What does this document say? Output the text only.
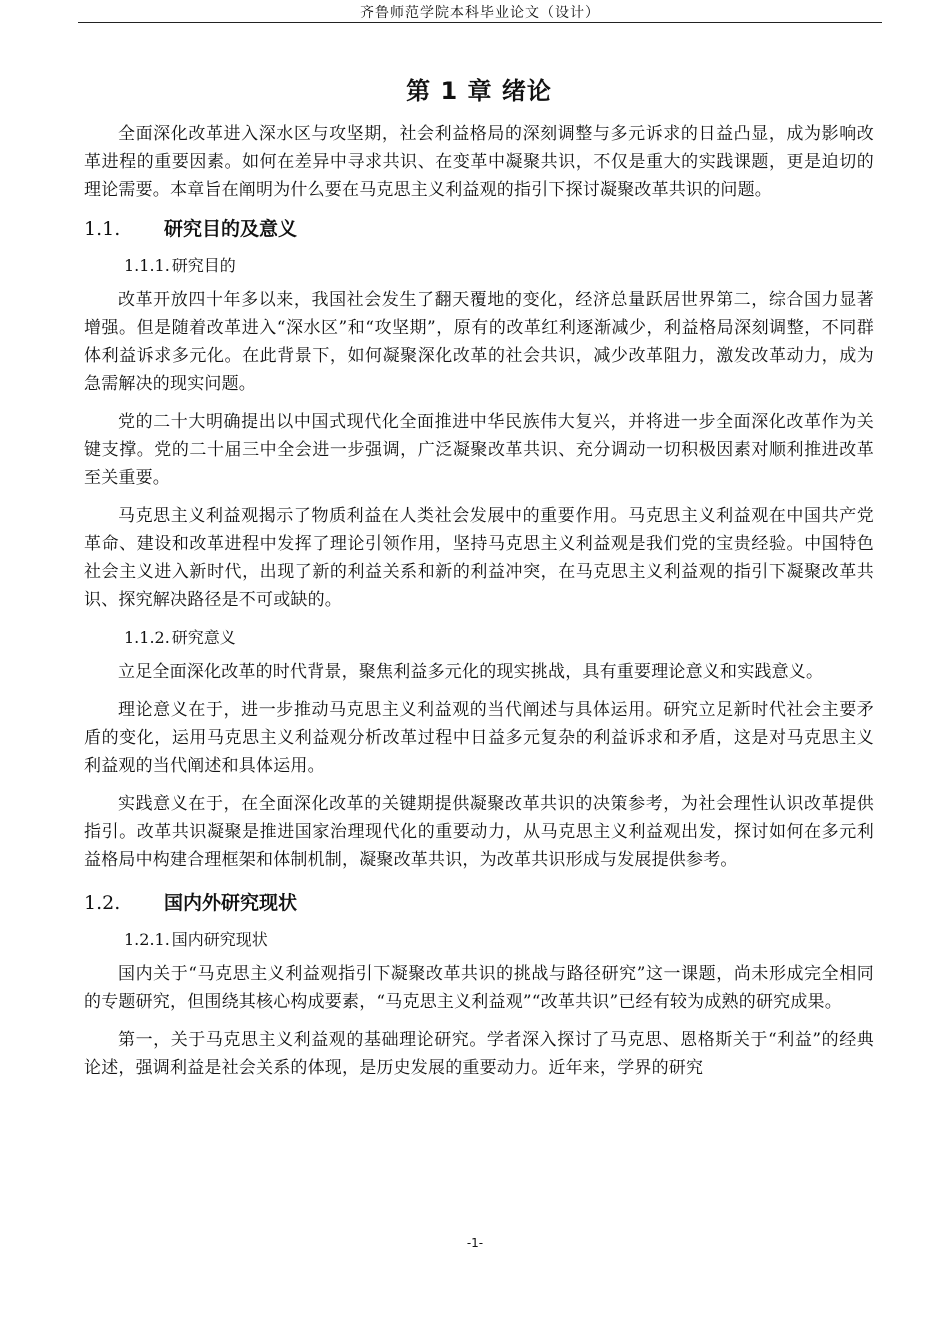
齐鲁师范学院本科毕业论文（设计）
第 1 章 绪论

全面深化改革进入深水区与攻坚期，社会利益格局的深刻调整与多元诉求的日益凸显，成为影响改革进程的重要因素。如何在差异中寻求共识、在变革中凝聚共识，不仅是重大的实践课题，更是迫切的理论需要。本章旨在阐明为什么要在马克思主义利益观的指引下探讨凝聚改革共识的问题。

1.1.	研究目的及意义
1.1.1. 研究目的

改革开放四十年多以来，我国社会发生了翻天覆地的变化，经济总量跃居世界第二，综合国力显著增强。但是随着改革进入“深水区”和“攻坚期”，原有的改革红利逐渐减少，利益格局深刻调整，不同群体利益诉求多元化。在此背景下，如何凝聚深化改革的社会共识，减少改革阻力，激发改革动力，成为急需解决的现实问题。

党的二十大明确提出以中国式现代化全面推进中华民族伟大复兴，并将进一步全面深化改革作为关键支撑。党的二十届三中全会进一步强调，广泛凝聚改革共识、充分调动一切积极因素对顺利推进改革至关重要。

马克思主义利益观揭示了物质利益在人类社会发展中的重要作用。马克思主义利益观在中国共产党革命、建设和改革进程中发挥了理论引领作用，坚持马克思主义利益观是我们党的宝贵经验。中国特色社会主义进入新时代，出现了新的利益关系和新的利益冲突，在马克思主义利益观的指引下凝聚改革共识、探究解决路径是不可或缺的。

1.1.2. 研究意义

立足全面深化改革的时代背景，聚焦利益多元化的现实挑战，具有重要理论意义和实践意义。

理论意义在于，进一步推动马克思主义利益观的当代阐述与具体运用。研究立足新时代社会主要矛盾的变化，运用马克思主义利益观分析改革过程中日益多元复杂的利益诉求和矛盾，这是对马克思主义利益观的当代阐述和具体运用。

实践意义在于，在全面深化改革的关键期提供凝聚改革共识的决策参考，为社会理性认识改革提供指引。改革共识凝聚是推进国家治理现代化的重要动力，从马克思主义利益观出发，探讨如何在多元利益格局中构建合理框架和体制机制，凝聚改革共识，为改革共识形成与发展提供参考。

1.2.	国内外研究现状
1.2.1. 国内研究现状

国内关于“马克思主义利益观指引下凝聚改革共识的挑战与路径研究”这一课题，尚未形成完全相同的专题研究，但围绕其核心构成要素，“马克思主义利益观”“改革共识”已经有较为成熟的研究成果。

第一，关于马克思主义利益观的基础理论研究。学者深入探讨了马克思、恩格斯关于“利益”的经典论述，强调利益是社会关系的体现，是历史发展的重要动力。近年来，学界的研究

-1-
